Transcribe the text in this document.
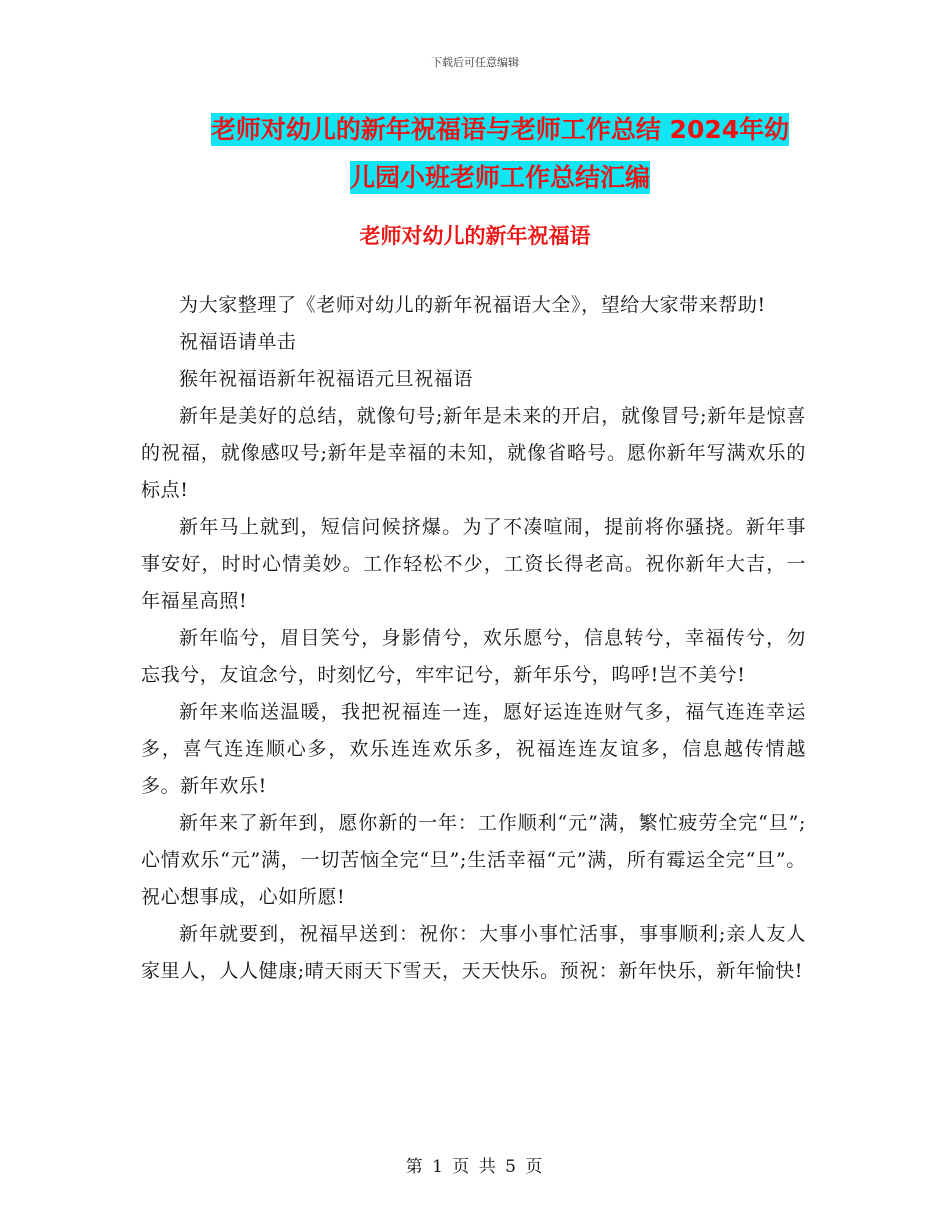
下载后可任意编辑
老师对幼儿的新年祝福语与老师工作总结 2024年幼
儿园小班老师工作总结汇编
老师对幼儿的新年祝福语

为大家整理了《老师对幼儿的新年祝福语大全》，望给大家带来帮助!

祝福语请单击

猴年祝福语新年祝福语元旦祝福语

新年是美好的总结，就像句号;新年是未来的开启，就像冒号;新年是惊喜的祝福，就像感叹号;新年是幸福的未知，就像省略号。愿你新年写满欢乐的标点!

新年马上就到，短信问候挤爆。为了不凑喧闹，提前将你骚挠。新年事事安好，时时心情美妙。工作轻松不少，工资长得老高。祝你新年大吉，一年福星高照!

新年临兮，眉目笑兮，身影倩兮，欢乐愿兮，信息转兮，幸福传兮，勿忘我兮，友谊念兮，时刻忆兮，牢牢记兮，新年乐兮，呜呼!岂不美兮!

新年来临送温暖，我把祝福连一连，愿好运连连财气多，福气连连幸运多，喜气连连顺心多，欢乐连连欢乐多，祝福连连友谊多，信息越传情越多。新年欢乐!

新年来了新年到，愿你新的一年：工作顺利“元”满，繁忙疲劳全完“旦”;心情欢乐“元”满，一切苦恼全完“旦”;生活幸福“元”满，所有霉运全完“旦”。祝心想事成，心如所愿!

新年就要到，祝福早送到：祝你：大事小事忙活事，事事顺利;亲人友人家里人，人人健康;晴天雨天下雪天，天天快乐。预祝：新年快乐，新年愉快!

第 1 页 共 5 页
